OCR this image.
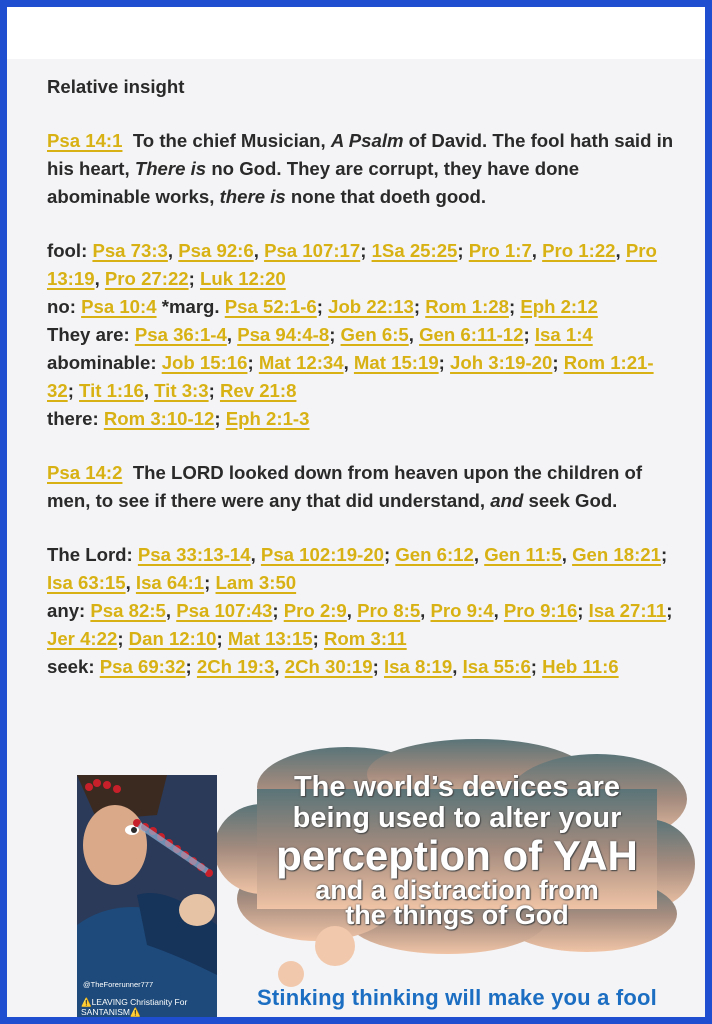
Relative insight
Psa 14:1 To the chief Musician, A Psalm of David. The fool hath said in his heart, There is no God. They are corrupt, they have done abominable works, there is none that doeth good.
fool: Psa 73:3, Psa 92:6, Psa 107:17; 1Sa 25:25; Pro 1:7, Pro 1:22, Pro 13:19, Pro 27:22; Luk 12:20
no: Psa 10:4 *marg. Psa 52:1-6; Job 22:13; Rom 1:28; Eph 2:12
They are: Psa 36:1-4, Psa 94:4-8; Gen 6:5, Gen 6:11-12; Isa 1:4
abominable: Job 15:16; Mat 12:34, Mat 15:19; Joh 3:19-20; Rom 1:21-32; Tit 1:16, Tit 3:3; Rev 21:8
there: Rom 3:10-12; Eph 2:1-3
Psa 14:2 The LORD looked down from heaven upon the children of men, to see if there were any that did understand, and seek God.
The Lord: Psa 33:13-14, Psa 102:19-20; Gen 6:12, Gen 11:5, Gen 18:21; Isa 63:15, Isa 64:1; Lam 3:50
any: Psa 82:5, Psa 107:43; Pro 2:9, Pro 8:5, Pro 9:4, Pro 9:16; Isa 27:11; Jer 4:22; Dan 12:10; Mat 13:15; Rom 3:11
seek: Psa 69:32; 2Ch 19:3, 2Ch 30:19; Isa 8:19, Isa 55:6; Heb 11:6
@TheForerunner777
⚠️LEAVING Christianity For SANTANISM⚠️
The world’s devices are
being used to alter your
perception of YAH
and a distraction from
the things of God
Stinking thinking will make you a fool
